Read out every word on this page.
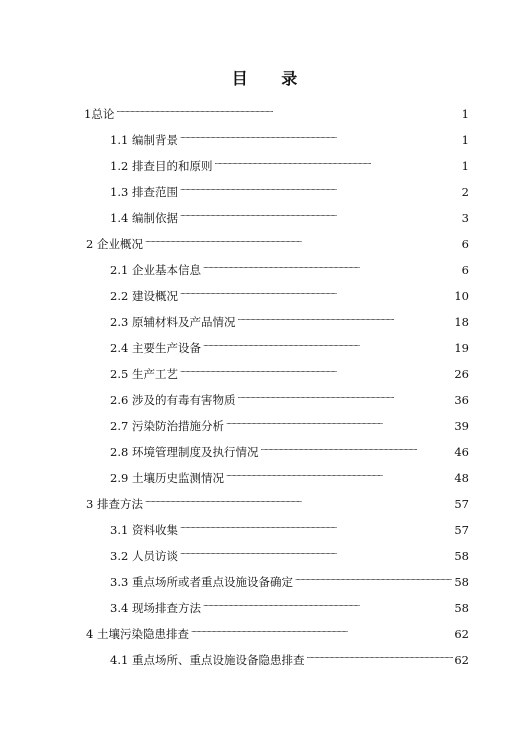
目 录
1总论 . . .	1
1.1 编制背景 . . .	1
1.2 排查目的和原则 . . .	1
1.3 排查范围 . . .	2
1.4 编制依据 . . .	3
2 企业概况 . . .	6
2.1 企业基本信息 . . .	6
2.2 建设概况 . . .	10
2.3 原辅材料及产品情况 . . .	18
2.4 主要生产设备 . . .	19
2.5 生产工艺 . . .	26
2.6 涉及的有毒有害物质 . . .	36
2.7 污染防治措施分析 . . .	39
2.8 环境管理制度及执行情况 . . .	46
2.9 土壤历史监测情况 . . .	48
3 排查方法 . . .	57
3.1 资料收集 . . .	57
3.2 人员访谈 . . .	58
3.3 重点场所或者重点设施设备确定 . . .	58
3.4 现场排查方法 . . .	58
4 土壤污染隐患排查 . . .	62
4.1 重点场所、重点设施设备隐患排查 . . .	62
